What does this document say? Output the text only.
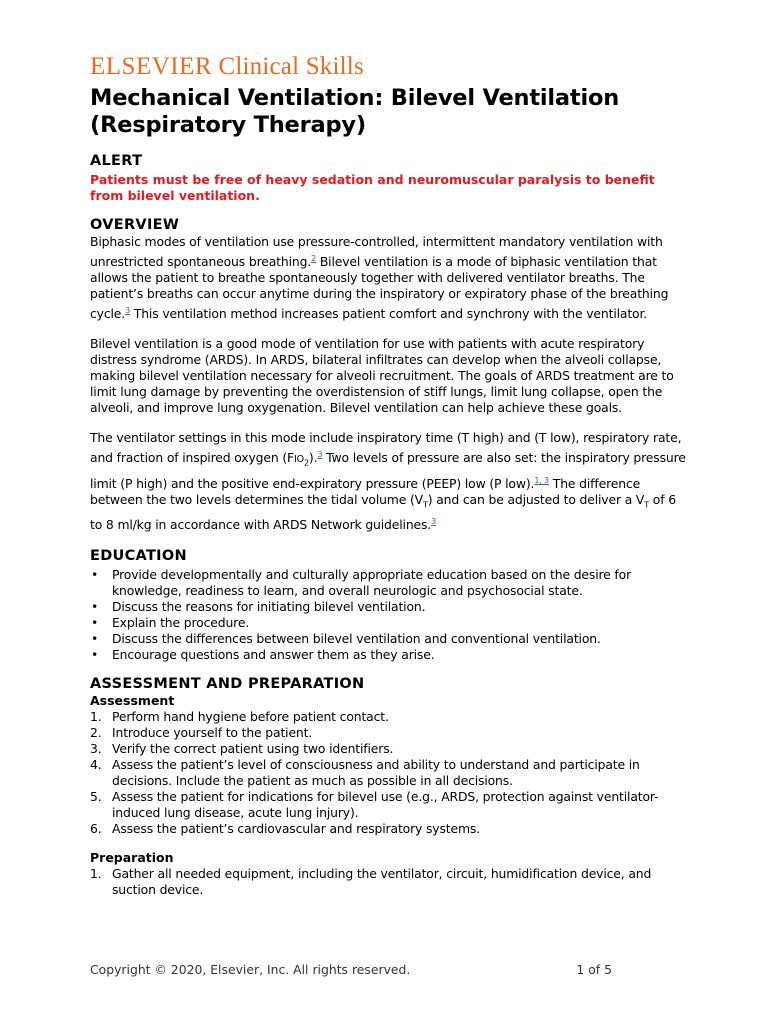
ELSEVIER Clinical Skills
Mechanical Ventilation: Bilevel Ventilation (Respiratory Therapy)
ALERT
Patients must be free of heavy sedation and neuromuscular paralysis to benefit from bilevel ventilation.
OVERVIEW

Biphasic modes of ventilation use pressure-controlled, intermittent mandatory ventilation with unrestricted spontaneous breathing.$^2$ Bilevel ventilation is a mode of biphasic ventilation that allows the patient to breathe spontaneously together with delivered ventilator breaths. The patient’s breaths can occur anytime during the inspiratory or expiratory phase of the breathing cycle.$^3$ This ventilation method increases patient comfort and synchrony with the ventilator.

Bilevel ventilation is a good mode of ventilation for use with patients with acute respiratory distress syndrome (ARDS). In ARDS, bilateral infiltrates can develop when the alveoli collapse, making bilevel ventilation necessary for alveoli recruitment. The goals of ARDS treatment are to limit lung damage by preventing the overdistension of stiff lungs, limit lung collapse, open the alveoli, and improve lung oxygenation. Bilevel ventilation can help achieve these goals.

The ventilator settings in this mode include inspiratory time (T high) and (T low), respiratory rate, and fraction of inspired oxygen $(FIO_2).^3$ Two levels of pressure are also set: the inspiratory pressure limit (P high) and the positive end-expiratory pressure (PEEP) low (P low).$^{1, 3}$ The difference between the two levels determines the tidal volume $(V_T)$ and can be adjusted to deliver a $V_T$ of 6 to 8 ml/kg in accordance with ARDS Network guidelines.$^3$

EDUCATION
• Provide developmentally and culturally appropriate education based on the desire for knowledge, readiness to learn, and overall neurologic and psychosocial state.
• Discuss the reasons for initiating bilevel ventilation.
• Explain the procedure.
• Discuss the differences between bilevel ventilation and conventional ventilation.
• Encourage questions and answer them as they arise.
ASSESSMENT AND PREPARATION
Assessment
1. Perform hand hygiene before patient contact.
2. Introduce yourself to the patient.
3. Verify the correct patient using two identifiers.
4. Assess the patient’s level of consciousness and ability to understand and participate in decisions. Include the patient as much as possible in all decisions.
5. Assess the patient for indications for bilevel use (e.g., ARDS, protection against ventilator-induced lung disease, acute lung injury).
6. Assess the patient’s cardiovascular and respiratory systems.
Preparation
1. Gather all needed equipment, including the ventilator, circuit, humidification device, and suction device.
Copyright © 2020, Elsevier, Inc. All rights reserved.	1 of 5
